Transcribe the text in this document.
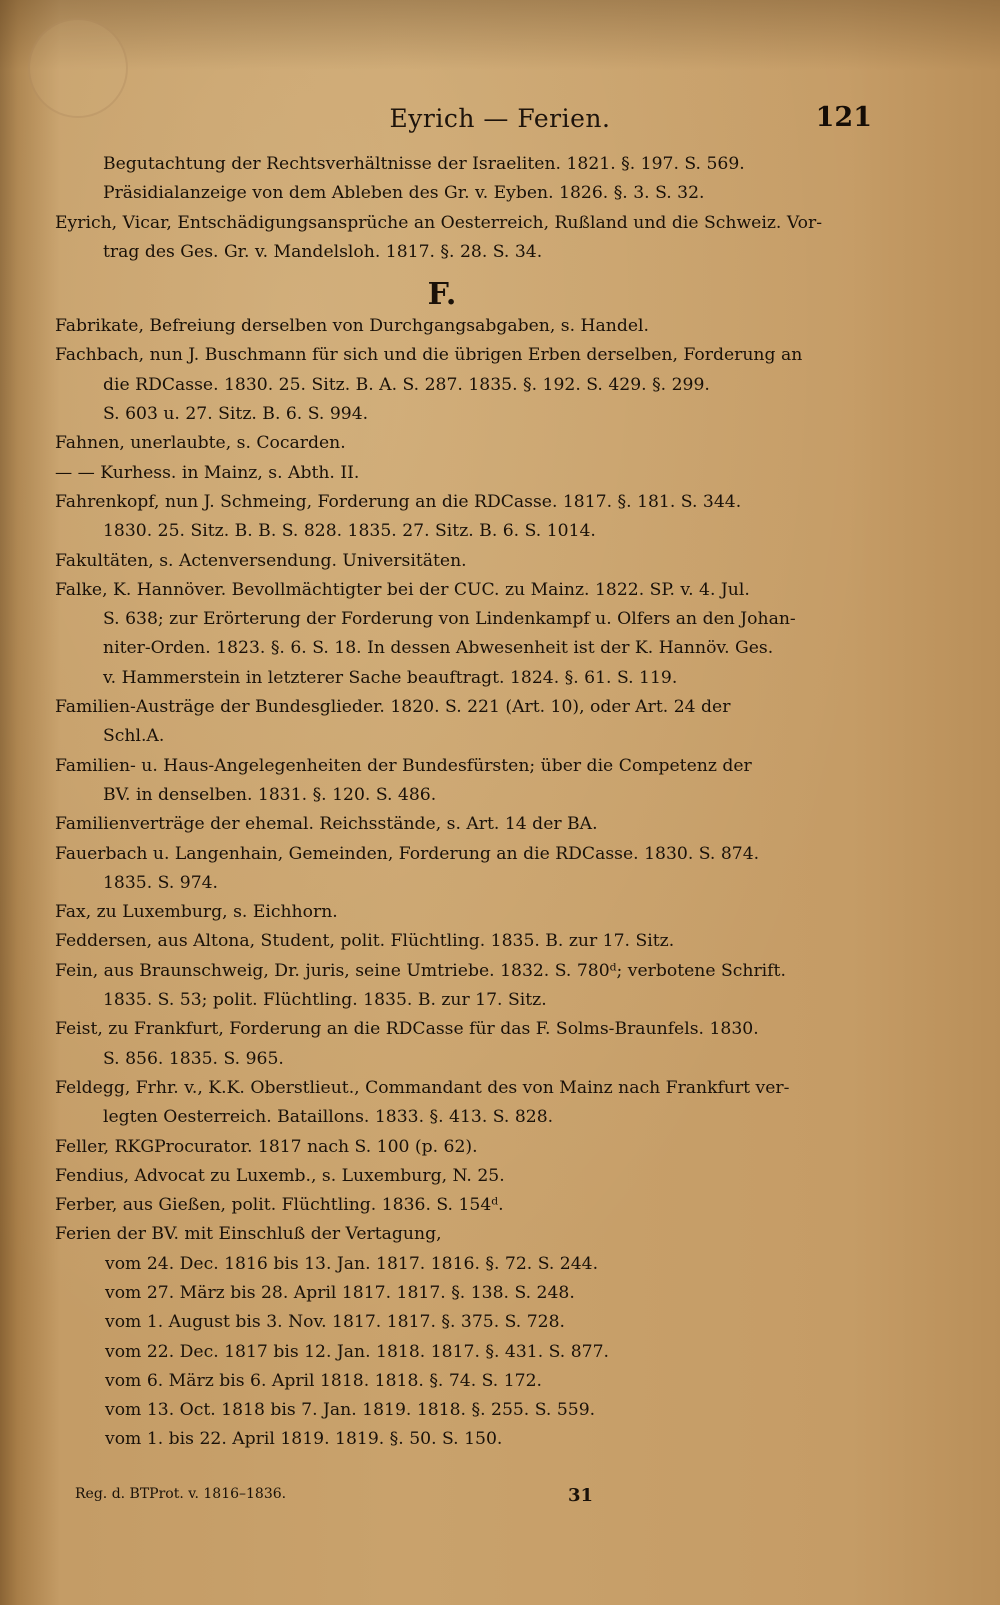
Eyrich — Ferien.	121
Begutachtung der Rechtsverhältnisse der Israeliten. 1821. §. 197. S. 569.
Präsidialanzeige von dem Ableben des Gr. v. Eyben. 1826. §. 3. S. 32.
Eyrich, Vicar, Entschädigungsansprüche an Oesterreich, Rußland und die Schweiz. Vor-
trag des Ges. Gr. v. Mandelsloh. 1817. §. 28. S. 34.
F.
Fabrikate, Befreiung derselben von Durchgangsabgaben, s. Handel.
Fachbach, nun J. Buschmann für sich und die übrigen Erben derselben, Forderung an
die RDCasse. 1830. 25. Sitz. B. A. S. 287. 1835. §. 192. S. 429. §. 299.
S. 603 u. 27. Sitz. B. 6. S. 994.
Fahnen, unerlaubte, s. Cocarden.
— — Kurhess. in Mainz, s. Abth. II.
Fahrenkopf, nun J. Schmeing, Forderung an die RDCasse. 1817. §. 181. S. 344.
1830. 25. Sitz. B. B. S. 828. 1835. 27. Sitz. B. 6. S. 1014.
Fakultäten, s. Actenversendung. Universitäten.
Falke, K. Hannöver. Bevollmächtigter bei der CUC. zu Mainz. 1822. SP. v. 4. Jul.
S. 638; zur Erörterung der Forderung von Lindenkampf u. Olfers an den Johan-
niter-Orden. 1823. §. 6. S. 18. In dessen Abwesenheit ist der K. Hannöv. Ges.
v. Hammerstein in letzterer Sache beauftragt. 1824. §. 61. S. 119.
Familien-Austräge der Bundesglieder. 1820. S. 221 (Art. 10), oder Art. 24 der
Schl.A.
Familien- u. Haus-Angelegenheiten der Bundesfürsten; über die Competenz der
BV. in denselben. 1831. §. 120. S. 486.
Familienverträge der ehemal. Reichsstände, s. Art. 14 der BA.
Fauerbach u. Langenhain, Gemeinden, Forderung an die RDCasse. 1830. S. 874.
1835. S. 974.
Fax, zu Luxemburg, s. Eichhorn.
Feddersen, aus Altona, Student, polit. Flüchtling. 1835. B. zur 17. Sitz.
Fein, aus Braunschweig, Dr. juris, seine Umtriebe. 1832. S. 780ᵈ; verbotene Schrift.
1835. S. 53; polit. Flüchtling. 1835. B. zur 17. Sitz.
Feist, zu Frankfurt, Forderung an die RDCasse für das F. Solms-Braunfels. 1830.
S. 856. 1835. S. 965.
Feldegg, Frhr. v., K.K. Oberstlieut., Commandant des von Mainz nach Frankfurt ver-
legten Oesterreich. Bataillons. 1833. §. 413. S. 828.
Feller, RKGProcurator. 1817 nach S. 100 (p. 62).
Fendius, Advocat zu Luxemb., s. Luxemburg, N. 25.
Ferber, aus Gießen, polit. Flüchtling. 1836. S. 154ᵈ.
Ferien der BV. mit Einschluß der Vertagung,
vom 24. Dec. 1816 bis 13. Jan. 1817. 1816. §. 72. S. 244.
vom 27. März bis 28. April 1817. 1817. §. 138. S. 248.
vom 1. August bis 3. Nov. 1817. 1817. §. 375. S. 728.
vom 22. Dec. 1817 bis 12. Jan. 1818. 1817. §. 431. S. 877.
vom 6. März bis 6. April 1818. 1818. §. 74. S. 172.
vom 13. Oct. 1818 bis 7. Jan. 1819. 1818. §. 255. S. 559.
vom 1. bis 22. April 1819. 1819. §. 50. S. 150.
Reg. d. BTProt. v. 1816–1836.	31
